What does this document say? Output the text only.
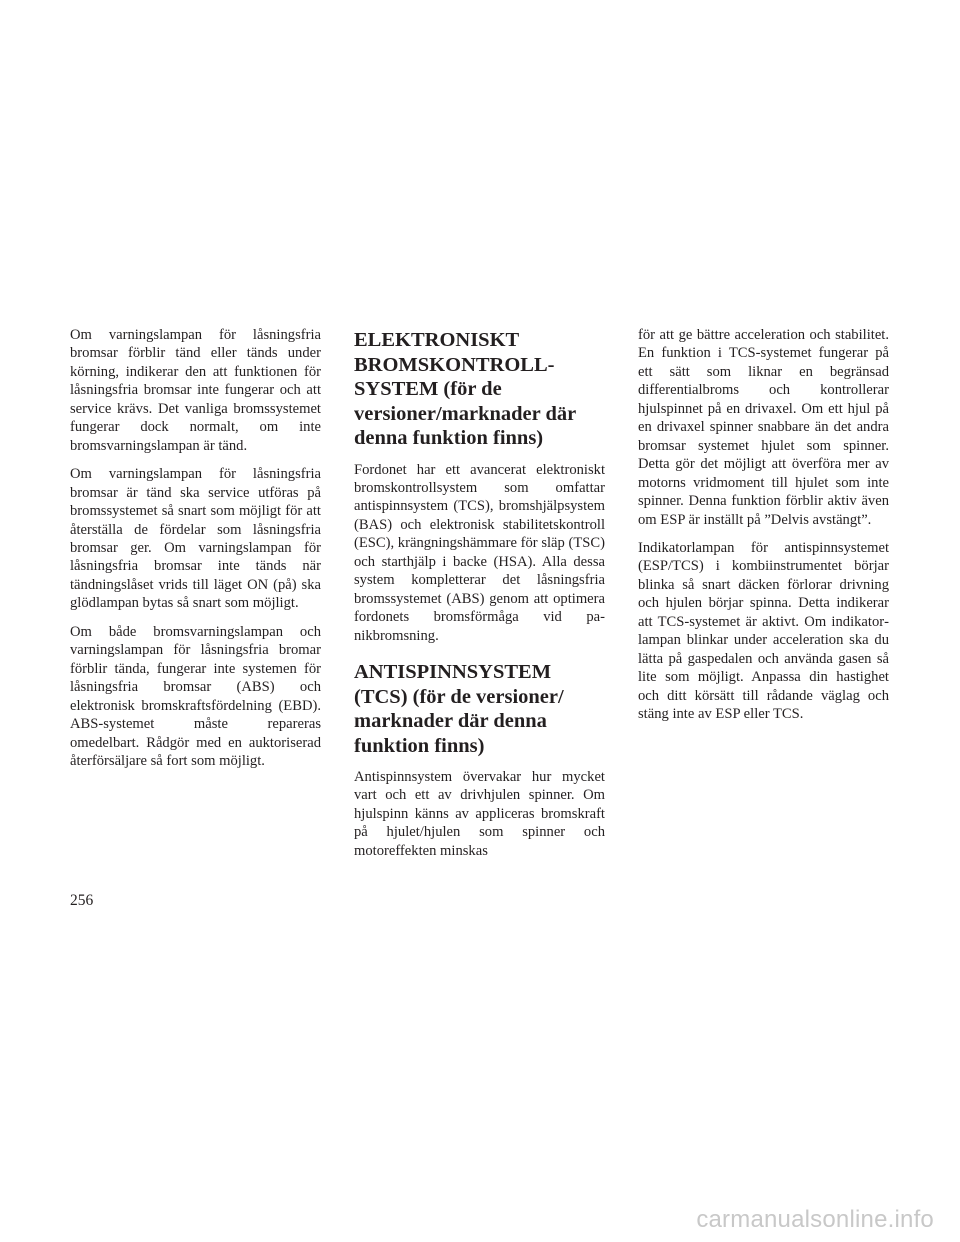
Om varningslampan för låsningsfria bromsar förblir tänd eller tänds under körning, indikerar den att funktionen för låsningsfria bromsar inte fungerar och att service krävs. Det vanliga bromssystemet fungerar dock normalt, om inte bromsvarningslampan är tänd.

Om varningslampan för låsningsfria bromsar är tänd ska service utföras på bromssystemet så snart som möjligt för att återställa de fördelar som låsningsfria bromsar ger. Om varningslampan för låsningsfria bromsar inte tänds när tändningslåset vrids till läget ON (på) ska glödlampan bytas så snart som möjligt.

Om både bromsvarningslampan och varningslampan för låsningsfria bromar förblir tända, fungerar inte systemen för låsningsfria bromsar (ABS) och elektronisk bromskraftsfördelning (EBD). ABS-systemet måste repareras omedelbart. Rådgör med en auktoriserad återförsäljare så fort som möjligt.

ELEKTRONISKT BROMSKONTROLLSYSTEM (för de versioner/marknader där denna funktion finns)

Fordonet har ett avancerat elektroniskt bromskontrollsystem som omfattar antispinnsystem (TCS), bromshjälpsystem (BAS) och elektronisk stabilitetskontroll (ESC), krängningshämmare för släp (TSC) och starthjälp i backe (HSA). Alla dessa system kompletterar det låsningsfria bromssystemet (ABS) genom att optimera fordonets bromsförmåga vid panikbromsning.

ANTISPINNSYSTEM (TCS) (för de versioner/ marknader där denna funktion finns)

Antispinnsystem övervakar hur mycket vart och ett av drivhjulen spinner. Om hjulspinn känns av appliceras bromskraft på hjulet/hjulen som spinner och motoreffekten minskas

för att ge bättre acceleration och stabilitet. En funktion i TCS-systemet fungerar på ett sätt som liknar en begränsad differentialbroms och kontrollerar hjulspinnet på en drivaxel. Om ett hjul på en drivaxel spinner snabbare än det andra bromsar systemet hjulet som spinner. Detta gör det möjligt att överföra mer av motorns vridmoment till hjulet som inte spinner. Denna funktion förblir aktiv även om ESP är inställt på ”Delvis avstängt”.

Indikatorlampan för antispinnsystemet (ESP/TCS) i kombiinstrumentet börjar blinka så snart däcken förlorar drivning och hjulen börjar spinna. Detta indikerar att TCS-systemet är aktivt. Om indikatorlampan blinkar under acceleration ska du lätta på gaspedalen och använda gasen så lite som möjligt. Anpassa din hastighet och ditt körsätt till rådande väglag och stäng inte av ESP eller TCS.

256
carmanualsonline.info
